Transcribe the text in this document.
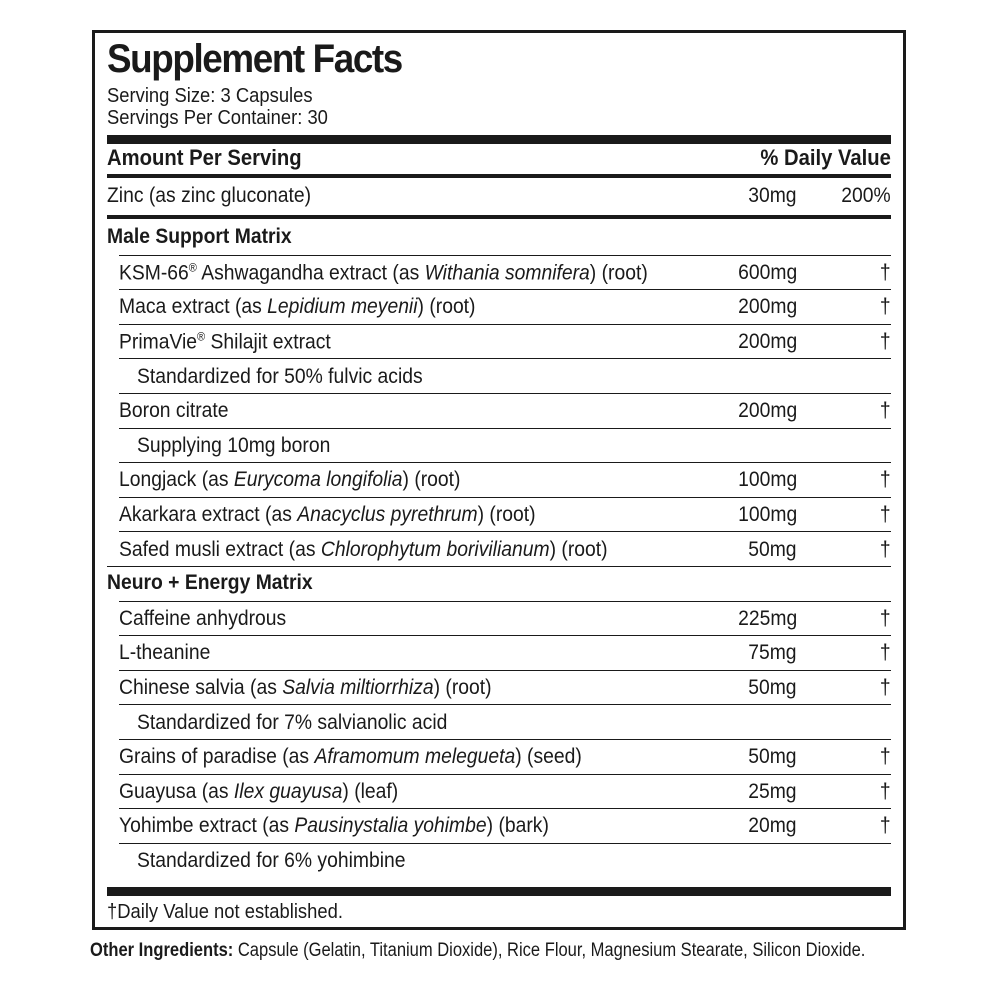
Supplement Facts
Serving Size: 3 Capsules
Servings Per Container: 30
Amount Per Serving	% Daily Value
Zinc (as zinc gluconate)	30mg 200%
Male Support Matrix
KSM-66® Ashwagandha extract (as Withania somnifera) (root)	600mg	†
Maca extract (as Lepidium meyenii) (root)	200mg	†
PrimaVie® Shilajit extract	200mg	†
Standardized for 50% fulvic acids
Boron citrate	200mg	†
Supplying 10mg boron
Longjack (as Eurycoma longifolia) (root)	100mg	†
Akarkara extract (as Anacyclus pyrethrum) (root)	100mg	†
Safed musli extract (as Chlorophytum borivilianum) (root)	50mg	†
Neuro + Energy Matrix
Caffeine anhydrous	225mg	†
L-theanine	75mg	†
Chinese salvia (as Salvia miltiorrhiza) (root)	50mg	†
Standardized for 7% salvianolic acid
Grains of paradise (as Aframomum melegueta) (seed)	50mg	†
Guayusa (as Ilex guayusa) (leaf)	25mg	†
Yohimbe extract (as Pausinystalia yohimbe) (bark)	20mg	†
Standardized for 6% yohimbine
†Daily Value not established.
Other Ingredients: Capsule (Gelatin, Titanium Dioxide), Rice Flour, Magnesium Stearate, Silicon Dioxide.
